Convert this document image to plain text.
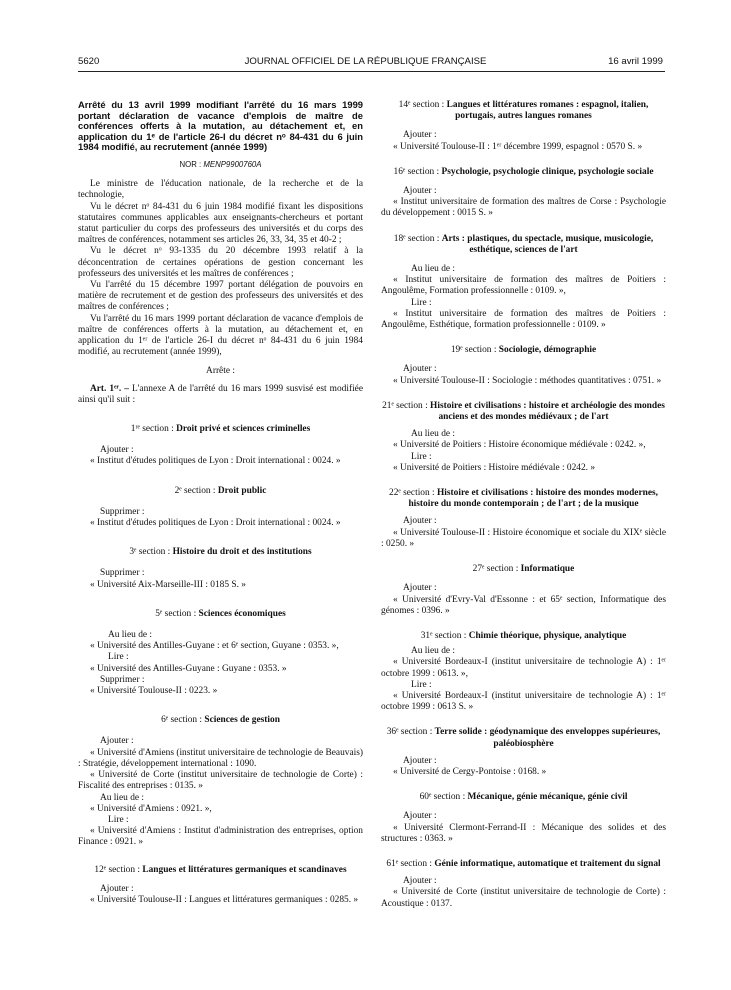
5620	JOURNAL OFFICIEL DE LA RÉPUBLIQUE FRANÇAISE	16 avril 1999

Arrêté du 13 avril 1999 modifiant l'arrêté du 16 mars 1999 portant déclaration de vacance d'emplois de maître de conférences offerts à la mutation, au détachement et, en application du 1ᵉ de l'article 26-I du décret nᵒ 84-431 du 6 juin 1984 modifié, au recrutement (année 1999)

NOR : MENP9900760A

Le ministre de l'éducation nationale, de la recherche et de la technologie,

Vu le décret nᵒ 84-431 du 6 juin 1984 modifié fixant les dispositions statutaires communes applicables aux enseignants-chercheurs et portant statut particulier du corps des professeurs des universités et du corps des maîtres de conférences, notamment ses articles 26, 33, 34, 35 et 40-2 ;

Vu le décret nᵒ 93-1335 du 20 décembre 1993 relatif à la déconcentration de certaines opérations de gestion concernant les professeurs des universités et les maîtres de conférences ;

Vu l'arrêté du 15 décembre 1997 portant délégation de pouvoirs en matière de recrutement et de gestion des professeurs des universités et des maîtres de conférences ;

Vu l'arrêté du 16 mars 1999 portant déclaration de vacance d'emplois de maître de conférences offerts à la mutation, au détachement et, en application du 1ᵉʳ de l'article 26-I du décret nᵒ 84-431 du 6 juin 1984 modifié, au recrutement (année 1999),

Arrête :

Art. 1ᵉʳ. – L'annexe A de l'arrêté du 16 mars 1999 susvisé est modifiée ainsi qu'il suit :

1ʳᵉ section : Droit privé et sciences criminelles

Ajouter :

« Institut d'études politiques de Lyon : Droit international : 0024. »

2ᵉ section : Droit public

Supprimer :

« Institut d'études politiques de Lyon : Droit international : 0024. »

3ᵉ section : Histoire du droit et des institutions

Supprimer :

« Université Aix-Marseille-III : 0185 S. »

5ᵉ section : Sciences économiques

Au lieu de :

« Université des Antilles-Guyane : et 6ᵉ section, Guyane : 0353. »,

Lire :

« Université des Antilles-Guyane : Guyane : 0353. »

Supprimer :

« Université Toulouse-II : 0223. »

6ᵉ section : Sciences de gestion

Ajouter :

« Université d'Amiens (institut universitaire de technologie de Beauvais) : Stratégie, développement international : 1090.

« Université de Corte (institut universitaire de technologie de Corte) : Fiscalité des entreprises : 0135. »

Au lieu de :

« Université d'Amiens : 0921. »,

Lire :

« Université d'Amiens : Institut d'administration des entreprises, option Finance : 0921. »

12ᵉ section : Langues et littératures germaniques et scandinaves

Ajouter :

« Université Toulouse-II : Langues et littératures germaniques : 0285. »

14ᵉ section : Langues et littératures romanes : espagnol, italien, portugais, autres langues romanes

Ajouter :

« Université Toulouse-II : 1ᵉʳ décembre 1999, espagnol : 0570 S. »

16ᵉ section : Psychologie, psychologie clinique, psychologie sociale

Ajouter :

« Institut universitaire de formation des maîtres de Corse : Psychologie du développement : 0015 S. »

18ᵉ section : Arts : plastiques, du spectacle, musique, musicologie, esthétique, sciences de l'art

Au lieu de :

« Institut universitaire de formation des maîtres de Poitiers : Angoulême, Formation professionnelle : 0109. »,

Lire :

« Institut universitaire de formation des maîtres de Poitiers : Angoulême, Esthétique, formation professionnelle : 0109. »

19ᵉ section : Sociologie, démographie

Ajouter :

« Université Toulouse-II : Sociologie : méthodes quantitatives : 0751. »

21ᵉ section : Histoire et civilisations : histoire et archéologie des mondes anciens et des mondes médiévaux ; de l'art

Au lieu de :

« Université de Poitiers : Histoire économique médiévale : 0242. »,

Lire :

« Université de Poitiers : Histoire médiévale : 0242. »

22ᵉ section : Histoire et civilisations : histoire des mondes modernes, histoire du monde contemporain ; de l'art ; de la musique

Ajouter :

« Université Toulouse-II : Histoire économique et sociale du XIXᵉ siècle : 0250. »

27ᵉ section : Informatique

Ajouter :

« Université d'Evry-Val d'Essonne : et 65ᵉ section, Informatique des génomes : 0396. »

31ᵉ section : Chimie théorique, physique, analytique

Au lieu de :

« Université Bordeaux-I (institut universitaire de technologie A) : 1ᵉʳ octobre 1999 : 0613. »,

Lire :

« Université Bordeaux-I (institut universitaire de technologie A) : 1ᵉʳ octobre 1999 : 0613 S. »

36ᵉ section : Terre solide : géodynamique des enveloppes supérieures, paléobiosphère

Ajouter :

« Université de Cergy-Pontoise : 0168. »

60ᵉ section : Mécanique, génie mécanique, génie civil

Ajouter :

« Université Clermont-Ferrand-II : Mécanique des solides et des structures : 0363. »

61ᵉ section : Génie informatique, automatique et traitement du signal

Ajouter :

« Université de Corte (institut universitaire de technologie de Corte) : Acoustique : 0137.
